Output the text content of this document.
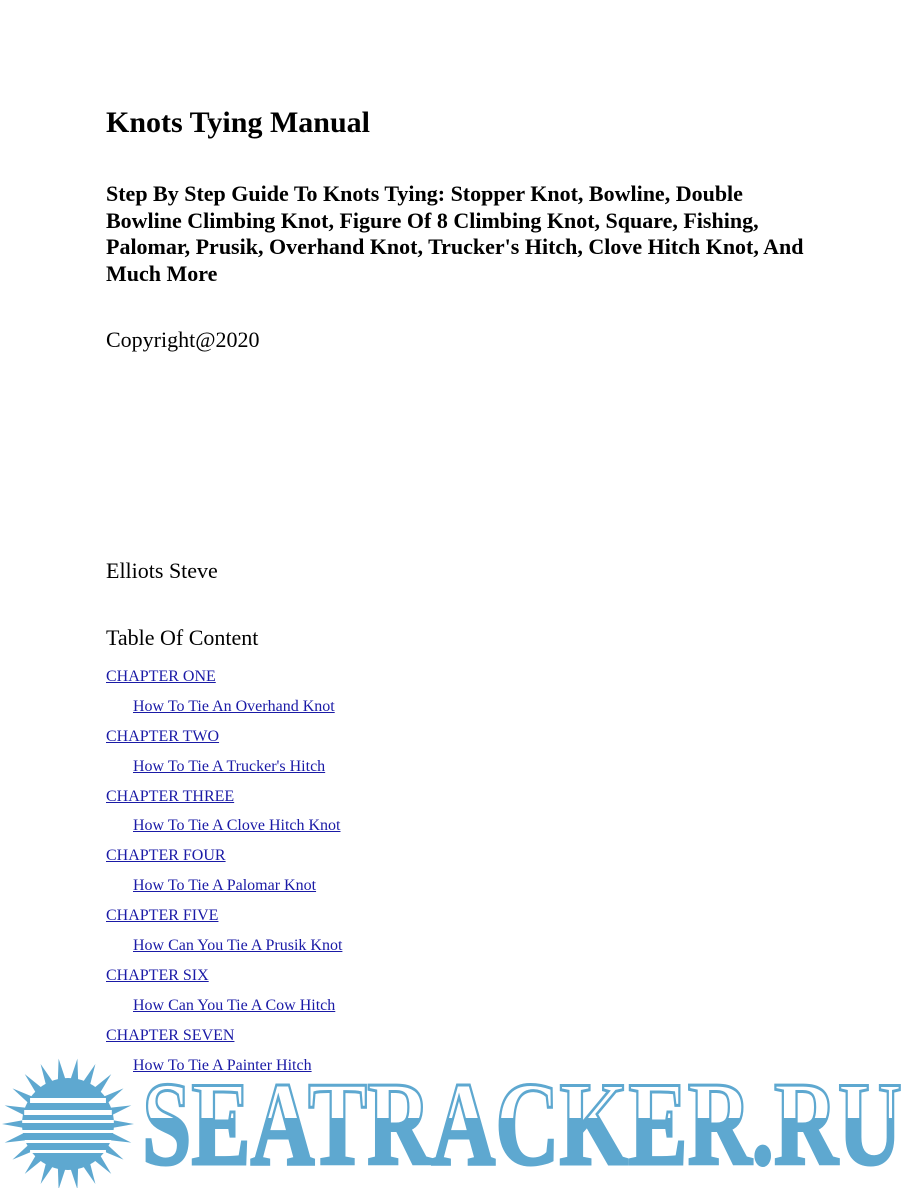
Knots Tying Manual
Step By Step Guide To Knots Tying: Stopper Knot, Bowline, Double Bowline Climbing Knot, Figure Of 8 Climbing Knot, Square, Fishing, Palomar, Prusik, Overhand Knot, Trucker's Hitch, Clove Hitch Knot, And Much More
Copyright@2020
Elliots Steve
Table Of Content
CHAPTER ONE
How To Tie An Overhand Knot
CHAPTER TWO
How To Tie A Trucker's Hitch
CHAPTER THREE
How To Tie A Clove Hitch Knot
CHAPTER FOUR
How To Tie A Palomar Knot
CHAPTER FIVE
How Can You Tie A Prusik Knot
CHAPTER SIX
How Can You Tie A Cow Hitch
CHAPTER SEVEN
How To Tie A Painter Hitch
SEATRACKER.RU
